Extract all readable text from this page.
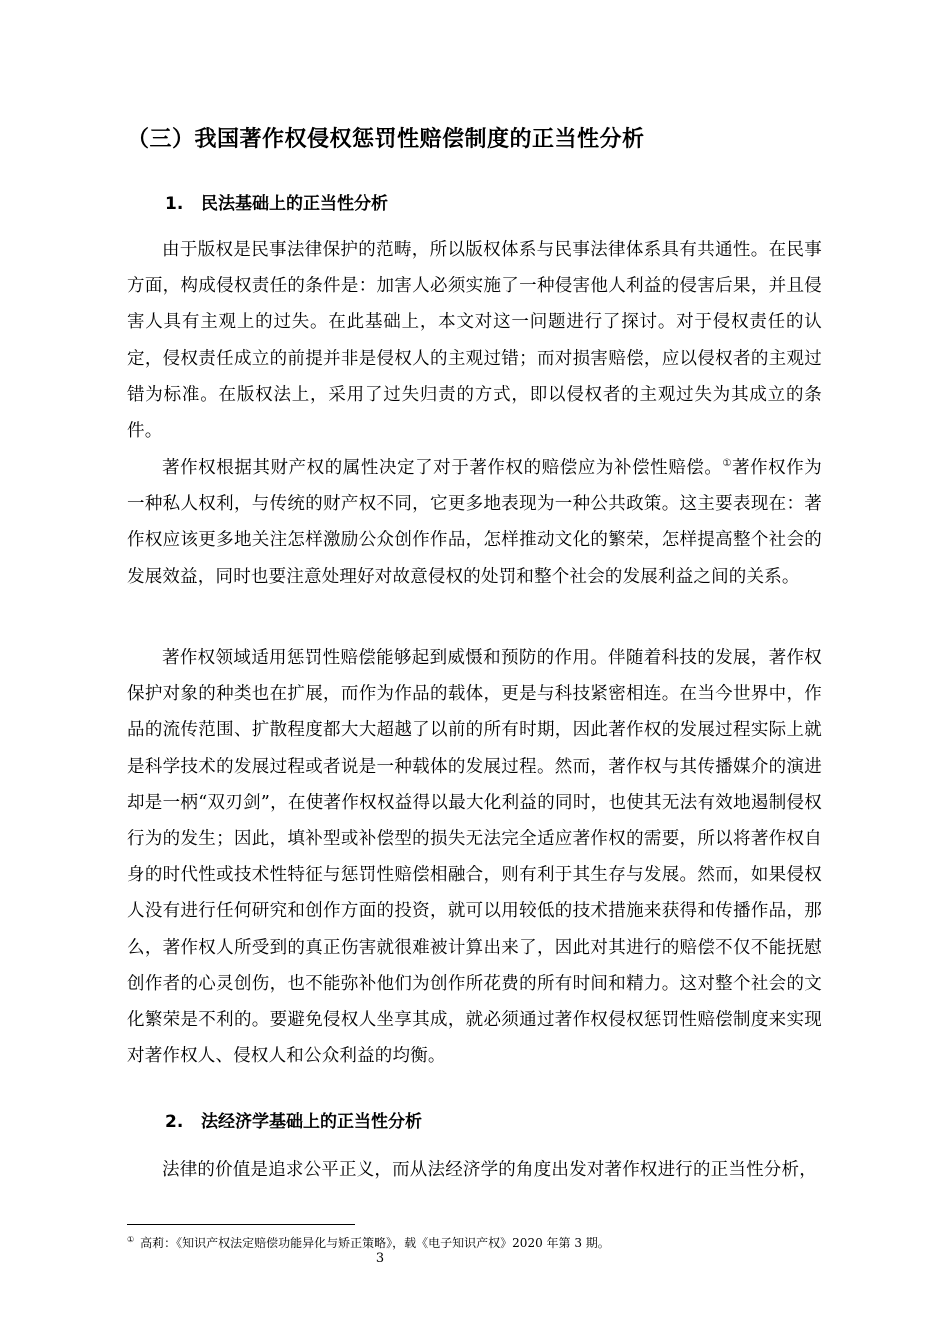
（三）我国著作权侵权惩罚性赔偿制度的正当性分析
1. 民法基础上的正当性分析

由于版权是民事法律保护的范畴，所以版权体系与民事法律体系具有共通性。在民事方面，构成侵权责任的条件是：加害人必须实施了一种侵害他人利益的侵害后果，并且侵害人具有主观上的过失。在此基础上，本文对这一问题进行了探讨。对于侵权责任的认定，侵权责任成立的前提并非是侵权人的主观过错；而对损害赔偿，应以侵权者的主观过错为标准。在版权法上，采用了过失归责的方式，即以侵权者的主观过失为其成立的条件。

著作权根据其财产权的属性决定了对于著作权的赔偿应为补偿性赔偿。①著作权作为一种私人权利，与传统的财产权不同，它更多地表现为一种公共政策。这主要表现在：著作权应该更多地关注怎样激励公众创作作品，怎样推动文化的繁荣，怎样提高整个社会的发展效益，同时也要注意处理好对故意侵权的处罚和整个社会的发展利益之间的关系。

著作权领域适用惩罚性赔偿能够起到威慑和预防的作用。伴随着科技的发展，著作权保护对象的种类也在扩展，而作为作品的载体，更是与科技紧密相连。在当今世界中，作品的流传范围、扩散程度都大大超越了以前的所有时期，因此著作权的发展过程实际上就是科学技术的发展过程或者说是一种载体的发展过程。然而，著作权与其传播媒介的演进却是一柄“双刃剑”，在使著作权权益得以最大化利益的同时，也使其无法有效地遏制侵权行为的发生；因此，填补型或补偿型的损失无法完全适应著作权的需要，所以将著作权自身的时代性或技术性特征与惩罚性赔偿相融合，则有利于其生存与发展。然而，如果侵权人没有进行任何研究和创作方面的投资，就可以用较低的技术措施来获得和传播作品，那么，著作权人所受到的真正伤害就很难被计算出来了，因此对其进行的赔偿不仅不能抚慰创作者的心灵创伤，也不能弥补他们为创作所花费的所有时间和精力。这对整个社会的文化繁荣是不利的。要避免侵权人坐享其成，就必须通过著作权侵权惩罚性赔偿制度来实现对著作权人、侵权人和公众利益的均衡。

2. 法经济学基础上的正当性分析

法律的价值是追求公平正义，而从法经济学的角度出发对著作权进行的正当性分析，

① 高莉：《知识产权法定赔偿功能异化与矫正策略》，载《电子知识产权》2020 年第 3 期。

3
